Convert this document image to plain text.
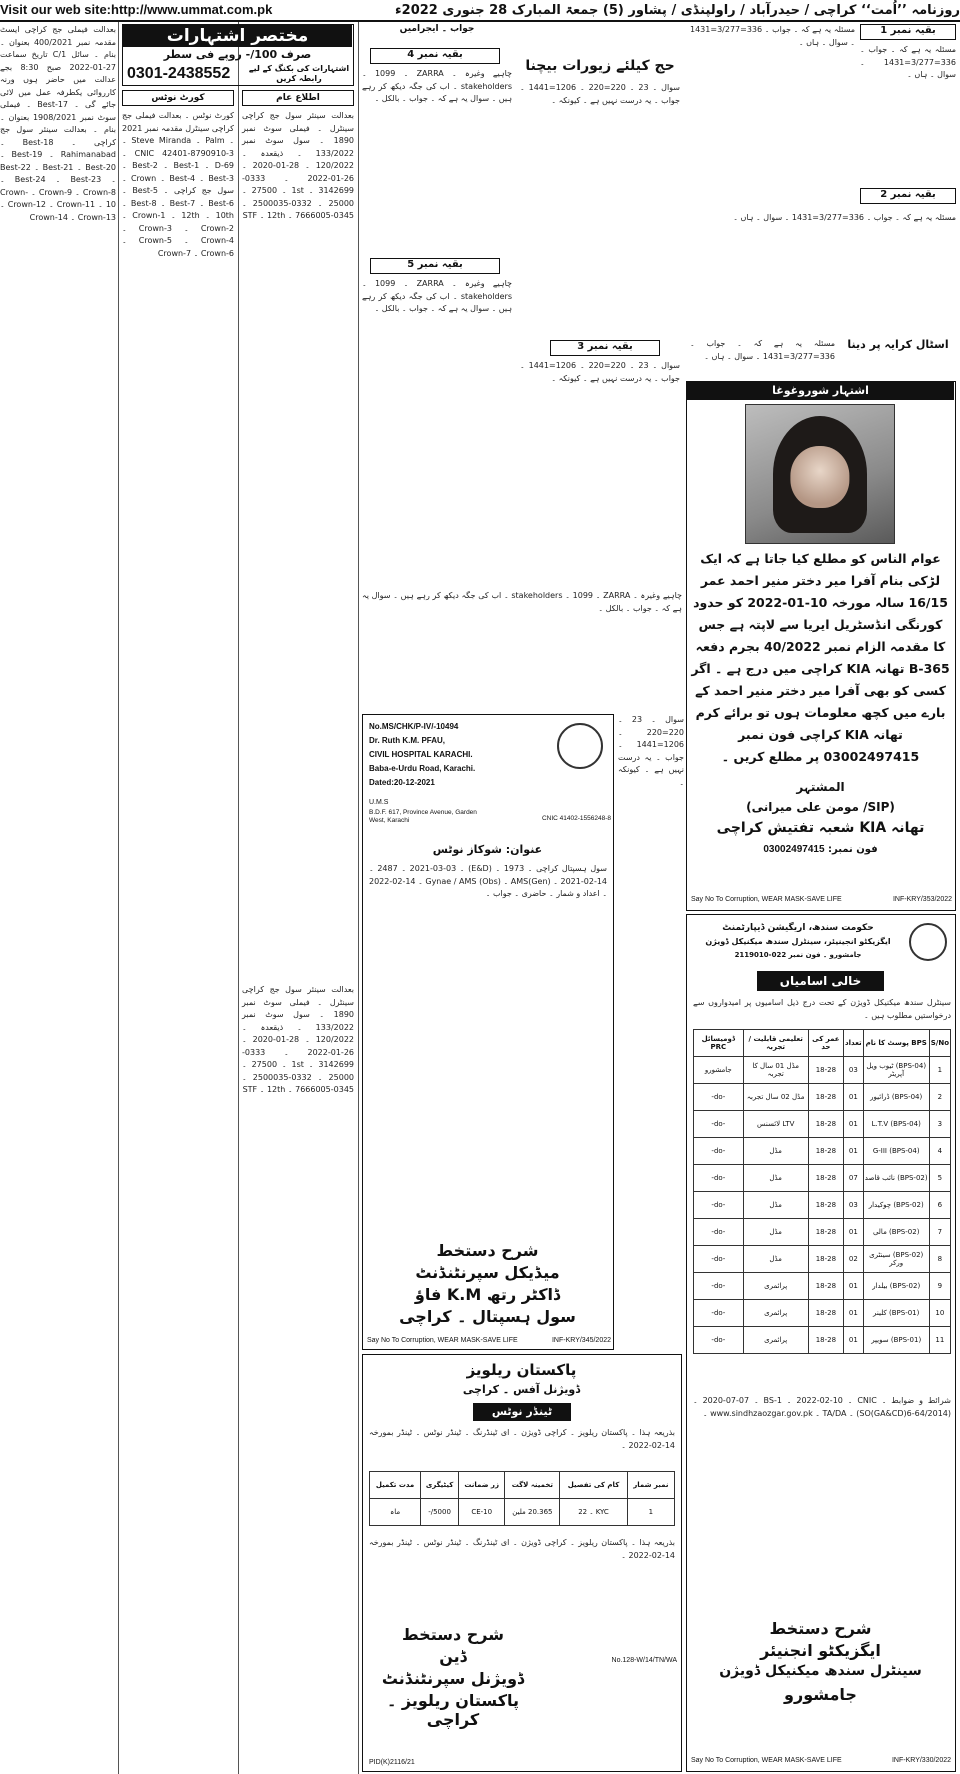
Visit our web site:http://www.ummat.com.pk	روزنامہ ’’اُمت‘‘ کراچی / حیدرآباد / راولپنڈی / پشاور (5) جمعۃ المبارک 28 جنوری 2022ء
مختصر اشتہارات
صرف 100/- روپے فی سطر
0301-2438552	اشتہارات کی بکنگ کے لیے رابطہ کریں
بعدالت فیملی جج کراچی ایسٹ مقدمہ نمبر 400/2021 بعنوان ۔ بنام ۔ سائل 1/C تاریخ سماعت 27-01-2022 صبح 8:30 بجے عدالت میں حاضر ہوں ورنہ کارروائی یکطرفہ عمل میں لائی جائے گی ۔ Best-17 ۔ فیملی سوٹ نمبر 1908/2021 بعنوان ۔ بنام ۔ بعدالت سینئر سول جج کراچی ۔ Best-18 ۔ Rahimanabad ۔ Best-19 ۔ Best-20 ۔ Best-21 ۔ Best-22 ۔ Best-23 ۔ Best-24 ۔ Crown-8 ۔ Crown-9 ۔ Crown-10 ۔ Crown-11 ۔ Crown-12 ۔ Crown-13 ۔ Crown-14
کورٹ نوٹس
کورٹ نوٹس ۔ بعدالت فیملی جج کراچی سینٹرل مقدمہ نمبر 2021 ۔ Palm ۔ Steve Miranda ۔ CNIC 42401-8790910-3 ۔ D-69 ۔ Best-1 ۔ Best-2 ۔ Best-3 ۔ Best-4 ۔ Crown ۔ سول جج کراچی ۔ Best-5 ۔ Best-6 ۔ Best-7 ۔ Best-8 ۔ 10th ۔ 12th ۔ Crown-1 ۔ Crown-2 ۔ Crown-3 ۔ Crown-4 ۔ Crown-5 ۔ Crown-6 ۔ Crown-7
اطلاع عام
بعدالت سینئر سول جج کراچی سینٹرل ۔ فیملی سوٹ نمبر 1890 ۔ سول سوٹ نمبر 133/2022 ۔ ذیقعدہ ۔ 120/2022 ۔ 28-01-2020 ۔ 26-01-2022 ۔ 0333-3142699 ۔ 1st ۔ 27500 ۔ 25000 ۔ 0332-2500035 ۔ 0345-7666005 ۔ 12th ۔ STF
جواب ۔ ایجرامیں
بقیہ نمبر 4
چاہیے وغیرہ ۔ ZARRA ۔ 1099 ۔ stakeholders ۔ اب کی جگہ دیکھ کر رہے ہیں ۔ سوال یہ ہے کہ ۔ جواب ۔ بالکل ۔
بقیہ نمبر 5
چاہیے وغیرہ ۔ ZARRA ۔ 1099 ۔ stakeholders ۔ اب کی جگہ دیکھ کر رہے ہیں ۔ سوال یہ ہے کہ ۔ جواب ۔ بالکل ۔
حج کیلئے زیورات بیچنا
سوال ۔ 23 ۔ 220=220 ۔ 1206=1441 ۔ جواب ۔ یہ درست نہیں ہے ۔ کیونکہ ۔
بقیہ نمبر 3
سوال ۔ 23 ۔ 220=220 ۔ 1206=1441 ۔ جواب ۔ یہ درست نہیں ہے ۔ کیونکہ ۔
بقیہ نمبر 1
مسئلہ یہ ہے کہ ۔ جواب ۔ 336=3/277=1431 ۔ سوال ۔ ہاں ۔
مسئلہ یہ ہے کہ ۔ جواب ۔ 336=3/277=1431 ۔ سوال ۔ ہاں ۔
بقیہ نمبر 2
مسئلہ یہ ہے کہ ۔ جواب ۔ 336=3/277=1431 ۔ سوال ۔ ہاں ۔
اسٹال کرایہ پر دینا
مسئلہ یہ ہے کہ ۔ جواب ۔ 336=3/277=1431 ۔ سوال ۔ ہاں ۔
چاہیے وغیرہ ۔ ZARRA ۔ 1099 ۔ stakeholders ۔ اب کی جگہ دیکھ کر رہے ہیں ۔ سوال یہ ہے کہ ۔ جواب ۔ بالکل ۔
اشتہار شوروغوغا
عوام الناس کو مطلع کیا جاتا ہے کہ ایک لڑکی بنام آفرا میر دختر منیر احمد عمر 16/15 سالہ مورخہ 10-01-2022 کو حدود کورنگی انڈسٹریل ایریا سے لاپتہ ہے جس کا مقدمہ الزام نمبر 40/2022 بجرم دفعہ 365-B تھانہ KIA کراچی میں درج ہے ۔ اگر کسی کو بھی آفرا میر دختر منیر احمد کے بارے میں کچھ معلومات ہوں تو برائے کرم تھانہ KIA کراچی فون نمبر 03002497415 پر مطلع کریں ۔
المشتہر
(SIP/ مومن علی میرانی)
تھانہ KIA شعبہ تفتیش کراچی
فون نمبر: 03002497415
Say No To Corruption, WEAR MASK-SAVE LIFE	INF-KRY/353/2022
No.MS/CHK/P-IV/-10494
Dr. Ruth K.M. PFAU,
CIVIL HOSPITAL KARACHI.
Baba-e-Urdu Road, Karachi.
Dated:20-12-2021
U.M.S
B.D.F. 617, Province Avenue, Garden West, Karachi	CNIC 41402-1556248-8
عنوان: شوکاز نوٹس
سول ہسپتال کراچی ۔ 1973 ۔ (E&D) ۔ 03-03-2021 ۔ 2487 ۔ 14-02-2021 ۔ AMS(Gen) ۔ Gynae / AMS (Obs) ۔ 14-02-2022 ۔ اعداد و شمار ۔ حاضری ۔ جواب ۔
شرح دستخط
میڈیکل سپرنٹنڈنٹ
ڈاکٹر رتھ K.M فاؤ
سول ہسپتال ۔ کراچی
Say No To Corruption, WEAR MASK-SAVE LIFE	INF-KRY/345/2022
سوال ۔ 23 ۔ 220=220 ۔ 1206=1441 ۔ جواب ۔ یہ درست نہیں ہے ۔ کیونکہ ۔
پاکستان ریلویز
ڈویژنل آفس ۔ کراچی
ٹینڈر نوٹس
بذریعہ ہذا ۔ پاکستان ریلویز ۔ کراچی ڈویژن ۔ ای ٹینڈرنگ ۔ ٹینڈر نوٹس ۔ ٹینڈر بمورخہ 14-02-2022 ۔
نمبر شمار	کام کی تفصیل	تخمینہ لاگت	زر ضمانت	کیٹیگری	مدت تکمیل
1	KYC ۔ 22	20.365 ملین	CE-10	5000/-	ماہ
بذریعہ ہذا ۔ پاکستان ریلویز ۔ کراچی ڈویژن ۔ ای ٹینڈرنگ ۔ ٹینڈر نوٹس ۔ ٹینڈر بمورخہ 14-02-2022 ۔
شرح دستخط
ڈین
ڈویژنل سپرنٹنڈنٹ
پاکستان ریلویز ۔ کراچی
No.128-W/14/TN/WA
PID(K)2116/21
حکومت سندھ، اریگیشن ڈیپارٹمنٹ
ایگزیکٹو انجینیئر، سینٹرل سندھ میکنیکل ڈویژن
جامشورو ۔ فون نمبر 022-2119010
خالی اسامیاں
سینٹرل سندھ میکنیکل ڈویژن کے تحت درج ذیل اسامیوں پر امیدواروں سے درخواستیں مطلوب ہیں ۔
S/No	BPS پوسٹ کا نام	تعداد	عمر کی حد	تعلیمی قابلیت / تجربہ	ڈومیسائل PRC
1	(BPS-04) ٹیوب ویل آپریٹر	03	18-28	مڈل 01 سال کا تجربہ	جامشورو
2	(BPS-04) ڈرائیور	01	18-28	مڈل 02 سال تجربہ	-do-
3	(BPS-04) L.T.V	01	18-28	LTV لائسنس	-do-
4	(BPS-04) G-III	01	18-28	مڈل	-do-
5	(BPS-02) نائب قاصد	07	18-28	مڈل	-do-
6	(BPS-02) چوکیدار	03	18-28	مڈل	-do-
7	(BPS-02) مالی	01	18-28	مڈل	-do-
8	(BPS-02) سینٹری ورکر	02	18-28	مڈل	-do-
9	(BPS-02) بیلدار	01	18-28	پرائمری	-do-
10	(BPS-01) کلینر	01	18-28	پرائمری	-do-
11	(BPS-01) سویپر	01	18-28	پرائمری	-do-
شرائط و ضوابط ۔ CNIC ۔ 10-02-2022 ۔ BS-1 ۔ 07-07-2020 ۔ (SO(GA&CD)6-64/2014) ۔ TA/DA ۔ www.sindhzaozgar.gov.pk ۔
شرح دستخط
ایگزیکٹو انجنیئر
سینٹرل سندھ میکنیکل ڈویژن
جامشورو
Say No To Corruption, WEAR MASK-SAVE LIFE	INF-KRY/330/2022
بعدالت سینئر سول جج کراچی سینٹرل ۔ فیملی سوٹ نمبر 1890 ۔ سول سوٹ نمبر 133/2022 ۔ ذیقعدہ ۔ 120/2022 ۔ 28-01-2020 ۔ 26-01-2022 ۔ 0333-3142699 ۔ 1st ۔ 27500 ۔ 25000 ۔ 0332-2500035 ۔ 0345-7666005 ۔ 12th ۔ STF
